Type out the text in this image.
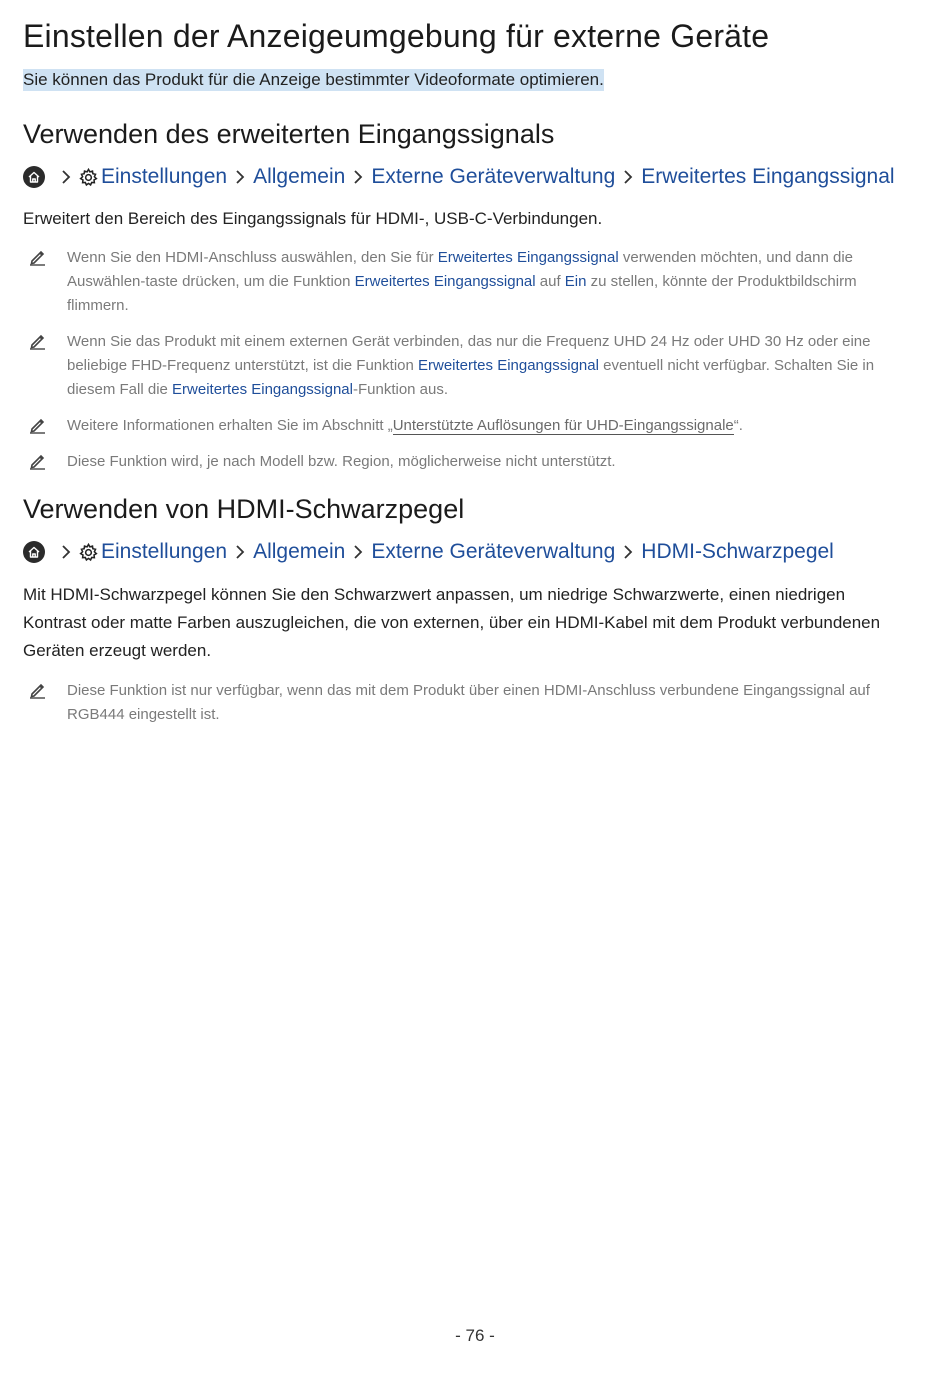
Einstellen der Anzeigeumgebung für externe Geräte

Sie können das Produkt für die Anzeige bestimmter Videoformate optimieren.

Verwenden des erweiterten Eingangssignals
Einstellungen Allgemein Externe Geräteverwaltung Erweitertes Eingangssignal

Erweitert den Bereich des Eingangssignals für HDMI-, USB-C-Verbindungen.

Wenn Sie den HDMI-Anschluss auswählen, den Sie für Erweitertes Eingangssignal verwenden möchten, und dann die Auswählen-taste drücken, um die Funktion Erweitertes Eingangssignal auf Ein zu stellen, könnte der Produktbildschirm flimmern.
Wenn Sie das Produkt mit einem externen Gerät verbinden, das nur die Frequenz UHD 24 Hz oder UHD 30 Hz oder eine beliebige FHD-Frequenz unterstützt, ist die Funktion Erweitertes Eingangssignal eventuell nicht verfügbar. Schalten Sie in diesem Fall die Erweitertes Eingangssignal-Funktion aus.
Weitere Informationen erhalten Sie im Abschnitt „Unterstützte Auflösungen für UHD-Eingangssignale“.
Diese Funktion wird, je nach Modell bzw. Region, möglicherweise nicht unterstützt.
Verwenden von HDMI-Schwarzpegel
Einstellungen Allgemein Externe Geräteverwaltung HDMI-Schwarzpegel

Mit HDMI-Schwarzpegel können Sie den Schwarzwert anpassen, um niedrige Schwarzwerte, einen niedrigen Kontrast oder matte Farben auszugleichen, die von externen, über ein HDMI-Kabel mit dem Produkt verbundenen Geräten erzeugt werden.

Diese Funktion ist nur verfügbar, wenn das mit dem Produkt über einen HDMI-Anschluss verbundene Eingangssignal auf RGB444 eingestellt ist.
- 76 -
